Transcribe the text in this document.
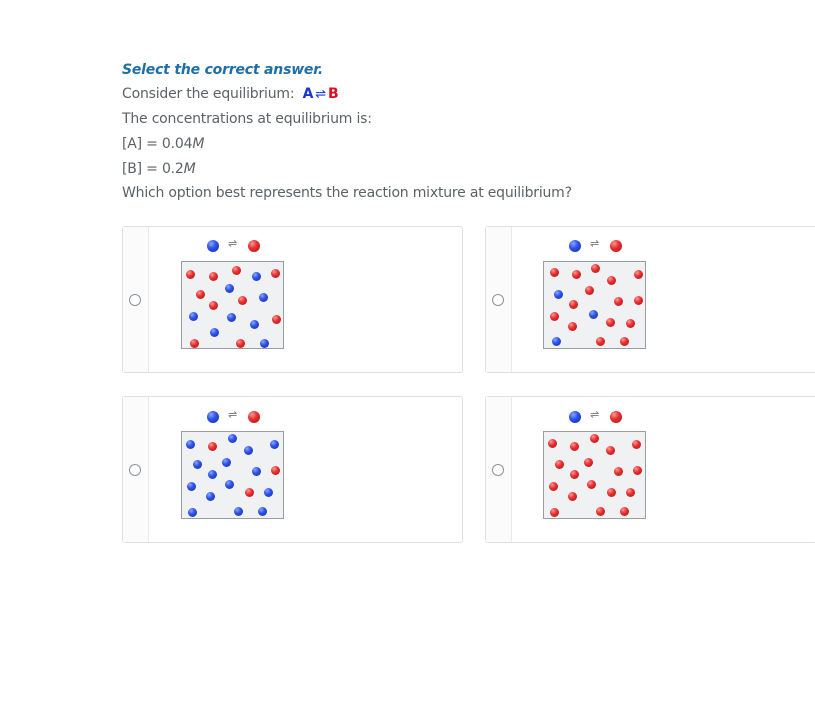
Select the correct answer.
Consider the equilibrium: A ⇌ B
The concentrations at equilibrium is:
[A] = 0.04M
[B] = 0.2M
Which option best represents the reaction mixture at equilibrium?
⇌	⇌
⇌	⇌
